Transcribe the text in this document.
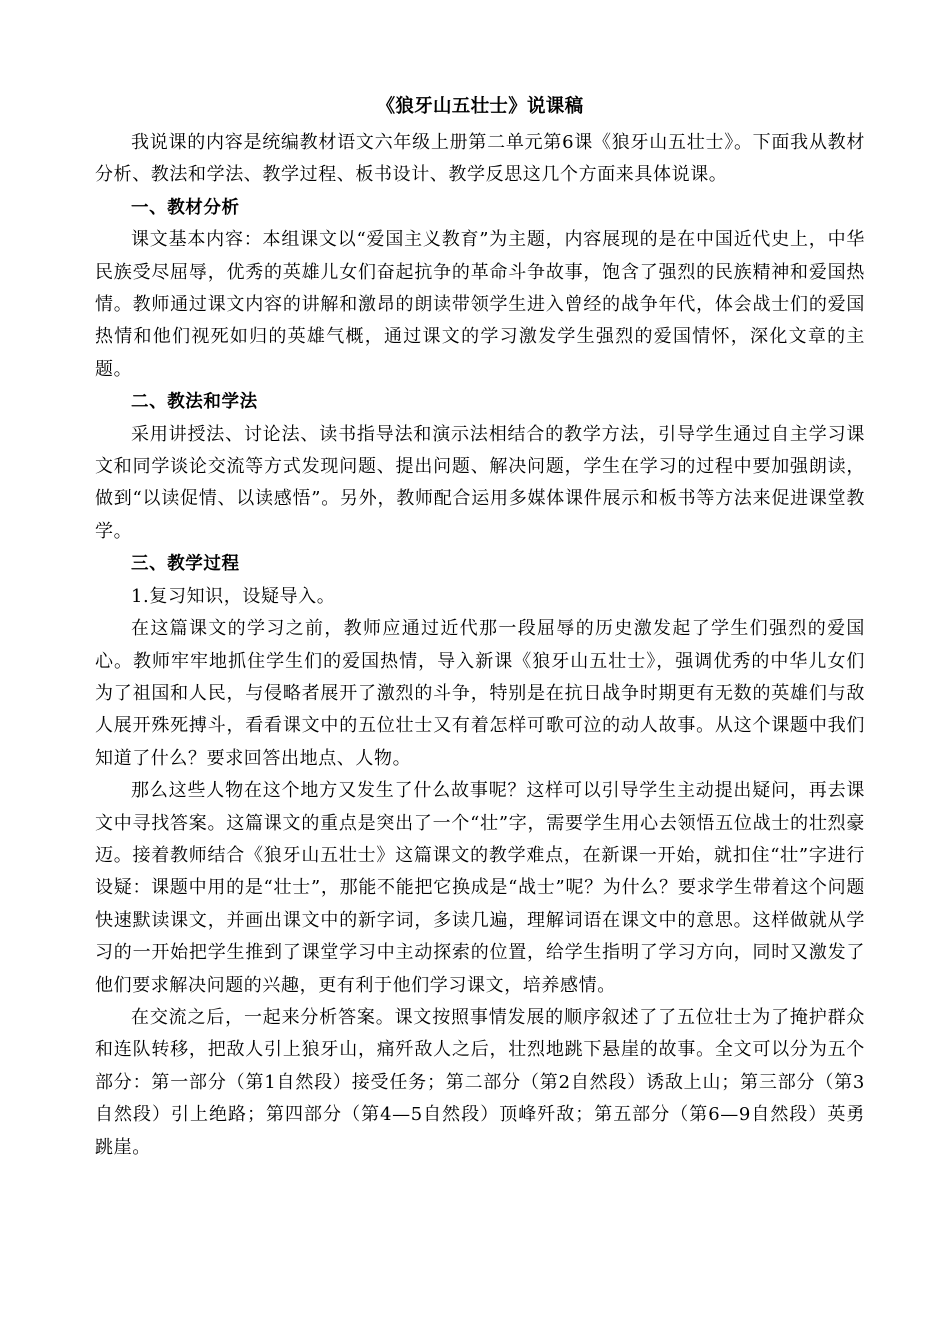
《狼牙山五壮士》说课稿

我说课的内容是统编教材语文六年级上册第二单元第6课《狼牙山五壮士》。下面我从教材分析、教法和学法、教学过程、板书设计、教学反思这几个方面来具体说课。

一、教材分析

课文基本内容：本组课文以“爱国主义教育”为主题，内容展现的是在中国近代史上，中华民族受尽屈辱，优秀的英雄儿女们奋起抗争的革命斗争故事，饱含了强烈的民族精神和爱国热情。教师通过课文内容的讲解和激昂的朗读带领学生进入曾经的战争年代，体会战士们的爱国热情和他们视死如归的英雄气概，通过课文的学习激发学生强烈的爱国情怀，深化文章的主题。

二、教法和学法

采用讲授法、讨论法、读书指导法和演示法相结合的教学方法，引导学生通过自主学习课文和同学谈论交流等方式发现问题、提出问题、解决问题，学生在学习的过程中要加强朗读，做到“以读促情、以读感悟”。另外，教师配合运用多媒体课件展示和板书等方法来促进课堂教学。

三、教学过程

1.复习知识，设疑导入。

在这篇课文的学习之前，教师应通过近代那一段屈辱的历史激发起了学生们强烈的爱国心。教师牢牢地抓住学生们的爱国热情，导入新课《狼牙山五壮士》，强调优秀的中华儿女们为了祖国和人民，与侵略者展开了激烈的斗争，特别是在抗日战争时期更有无数的英雄们与敌人展开殊死搏斗，看看课文中的五位壮士又有着怎样可歌可泣的动人故事。从这个课题中我们知道了什么？要求回答出地点、人物。

那么这些人物在这个地方又发生了什么故事呢？这样可以引导学生主动提出疑问，再去课文中寻找答案。这篇课文的重点是突出了一个“壮”字，需要学生用心去领悟五位战士的壮烈豪迈。接着教师结合《狼牙山五壮士》这篇课文的教学难点，在新课一开始，就扣住“壮”字进行设疑：课题中用的是“壮士”，那能不能把它换成是“战士”呢？为什么？要求学生带着这个问题快速默读课文，并画出课文中的新字词，多读几遍，理解词语在课文中的意思。这样做就从学习的一开始把学生推到了课堂学习中主动探索的位置，给学生指明了学习方向，同时又激发了他们要求解决问题的兴趣，更有利于他们学习课文，培养感情。

在交流之后，一起来分析答案。课文按照事情发展的顺序叙述了了五位壮士为了掩护群众和连队转移，把敌人引上狼牙山，痛歼敌人之后，壮烈地跳下悬崖的故事。全文可以分为五个部分：第一部分（第1自然段）接受任务；第二部分（第2自然段）诱敌上山；第三部分（第3自然段）引上绝路；第四部分（第4—5自然段）顶峰歼敌；第五部分（第6—9自然段）英勇跳崖。
